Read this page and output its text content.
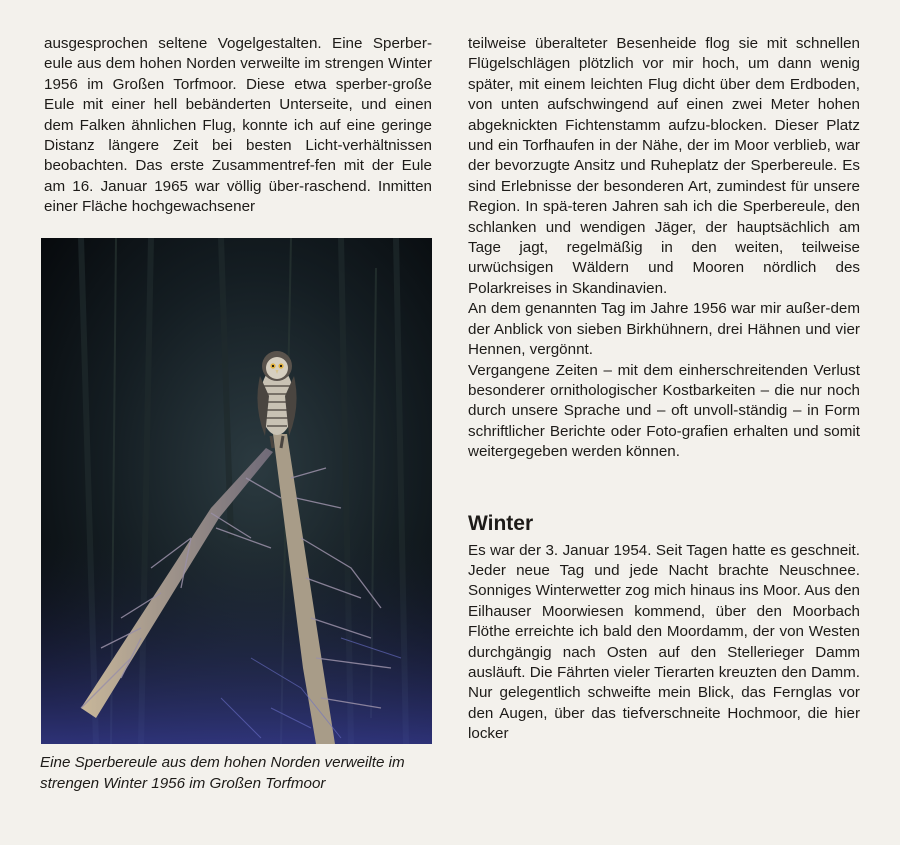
ausgesprochen seltene Vogelgestalten. Eine Sperber-eule aus dem hohen Norden verweilte im strengen Winter 1956 im Großen Torfmoor. Diese etwa sperber-große Eule mit einer hell bebänderten Unterseite, und einen dem Falken ähnlichen Flug, konnte ich auf eine geringe Distanz längere Zeit bei besten Licht-verhältnissen beobachten. Das erste Zusammentref-fen mit der Eule am 16. Januar 1965 war völlig über-raschend. Inmitten einer Fläche hochgewachsener

Eine Sperbereule aus dem hohen Norden verweilte im
strengen Winter 1956 im Großen Torfmoor

teilweise überalteter Besenheide flog sie mit schnellen Flügelschlägen plötzlich vor mir hoch, um dann wenig später, mit einem leichten Flug dicht über dem Erdboden, von unten aufschwingend auf einen zwei Meter hohen abgeknickten Fichtenstamm aufzu-blocken. Dieser Platz und ein Torfhaufen in der Nähe, der im Moor verblieb, war der bevorzugte Ansitz und Ruheplatz der Sperbereule. Es sind Erlebnisse der besonderen Art, zumindest für unsere Region. In spä-teren Jahren sah ich die Sperbereule, den schlanken und wendigen Jäger, der hauptsächlich am Tage jagt, regelmäßig in den weiten, teilweise urwüchsigen Wäldern und Mooren nördlich des Polarkreises in Skandinavien.

An dem genannten Tag im Jahre 1956 war mir außer-dem der Anblick von sieben Birkhühnern, drei Hähnen und vier Hennen, vergönnt.

Vergangene Zeiten – mit dem einherschreitenden Verlust besonderer ornithologischer Kostbarkeiten – die nur noch durch unsere Sprache und – oft unvoll-ständig – in Form schriftlicher Berichte oder Foto-grafien erhalten und somit weitergegeben werden können.

Winter

Es war der 3. Januar 1954. Seit Tagen hatte es geschneit. Jeder neue Tag und jede Nacht brachte Neuschnee. Sonniges Winterwetter zog mich hinaus ins Moor. Aus den Eilhauser Moorwiesen kommend, über den Moorbach Flöthe erreichte ich bald den Moordamm, der von Westen durchgängig nach Osten auf den Stellerieger Damm ausläuft. Die Fährten vieler Tierarten kreuzten den Damm. Nur gelegentlich schweifte mein Blick, das Fernglas vor den Augen, über das tiefverschneite Hochmoor, die hier locker
